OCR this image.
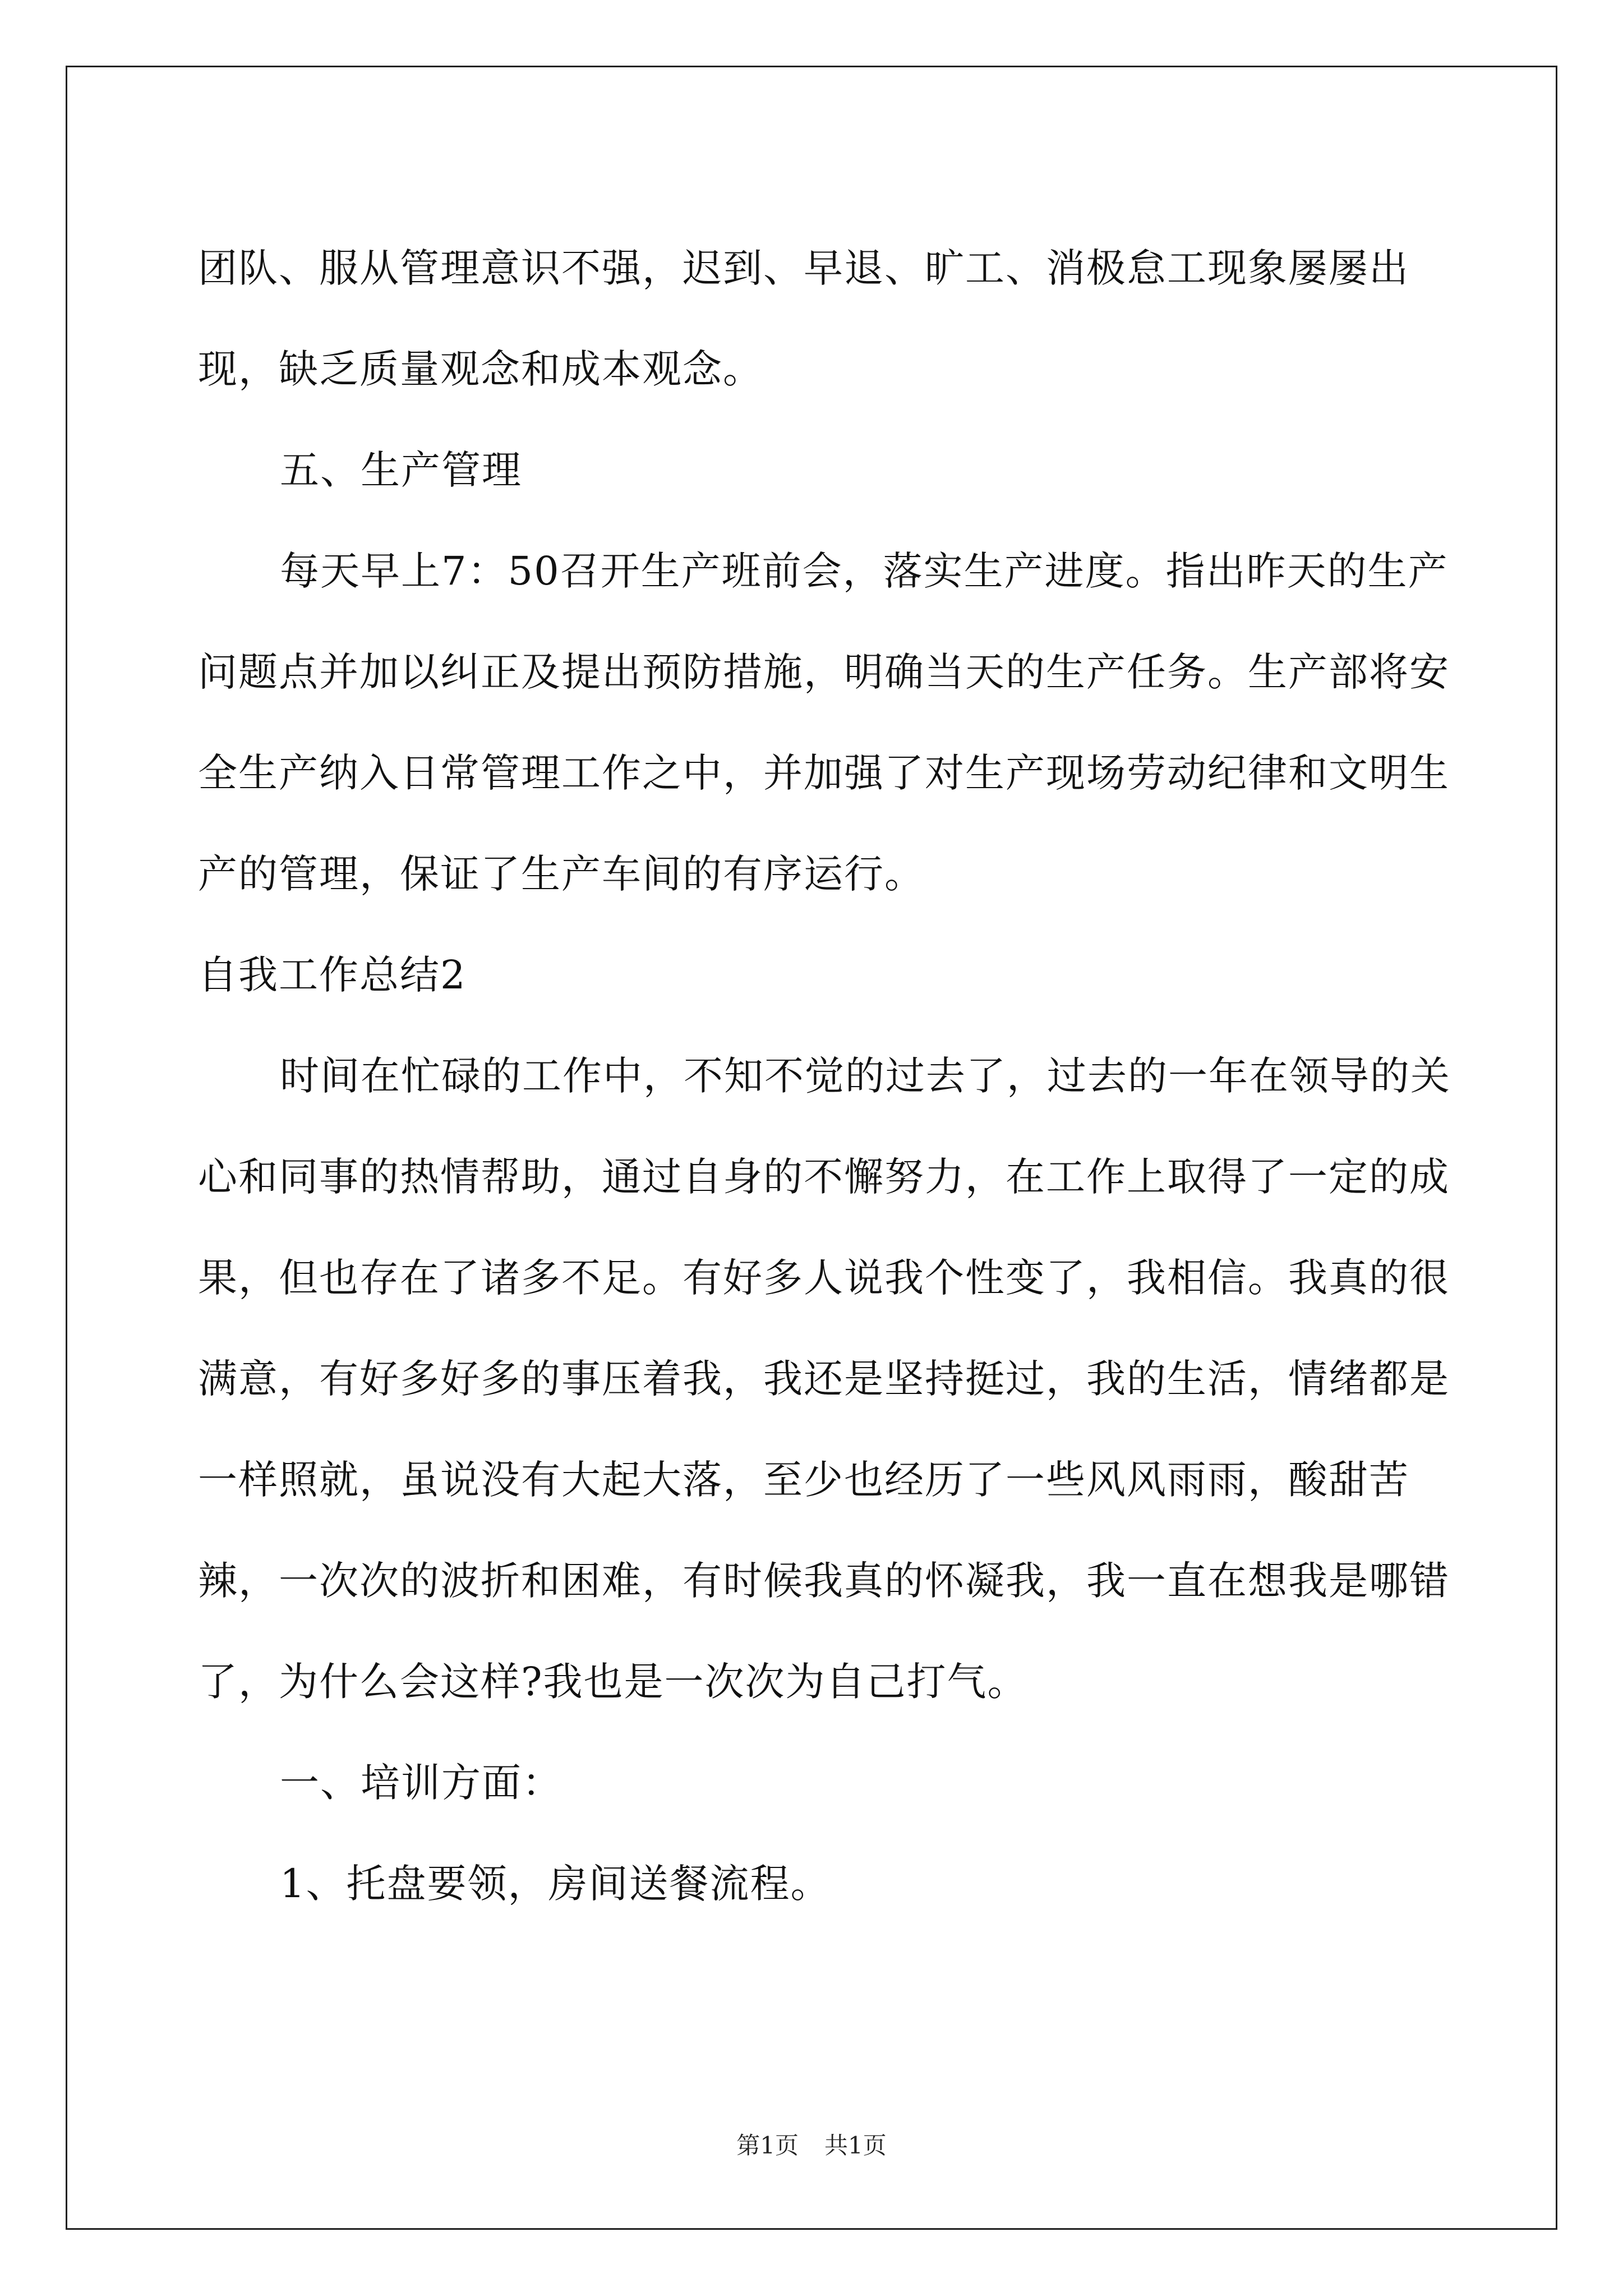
团队、服从管理意识不强，迟到、早退、旷工、消极怠工现象屡屡出现，缺乏质量观念和成本观念。

五、生产管理

每天早上7：50召开生产班前会，落实生产进度。指出昨天的生产问题点并加以纠正及提出预防措施，明确当天的生产任务。生产部将安全生产纳入日常管理工作之中，并加强了对生产现场劳动纪律和文明生产的管理，保证了生产车间的有序运行。

自我工作总结2

时间在忙碌的工作中，不知不觉的过去了，过去的一年在领导的关心和同事的热情帮助，通过自身的不懈努力，在工作上取得了一定的成果，但也存在了诸多不足。有好多人说我个性变了，我相信。我真的很满意，有好多好多的事压着我，我还是坚持挺过，我的生活，情绪都是一样照就，虽说没有大起大落，至少也经历了一些风风雨雨，酸甜苦辣，一次次的波折和困难，有时候我真的怀凝我，我一直在想我是哪错了，为什么会这样?我也是一次次为自己打气。

一、培训方面：

1、托盘要领，房间送餐流程。

第1页 共1页
